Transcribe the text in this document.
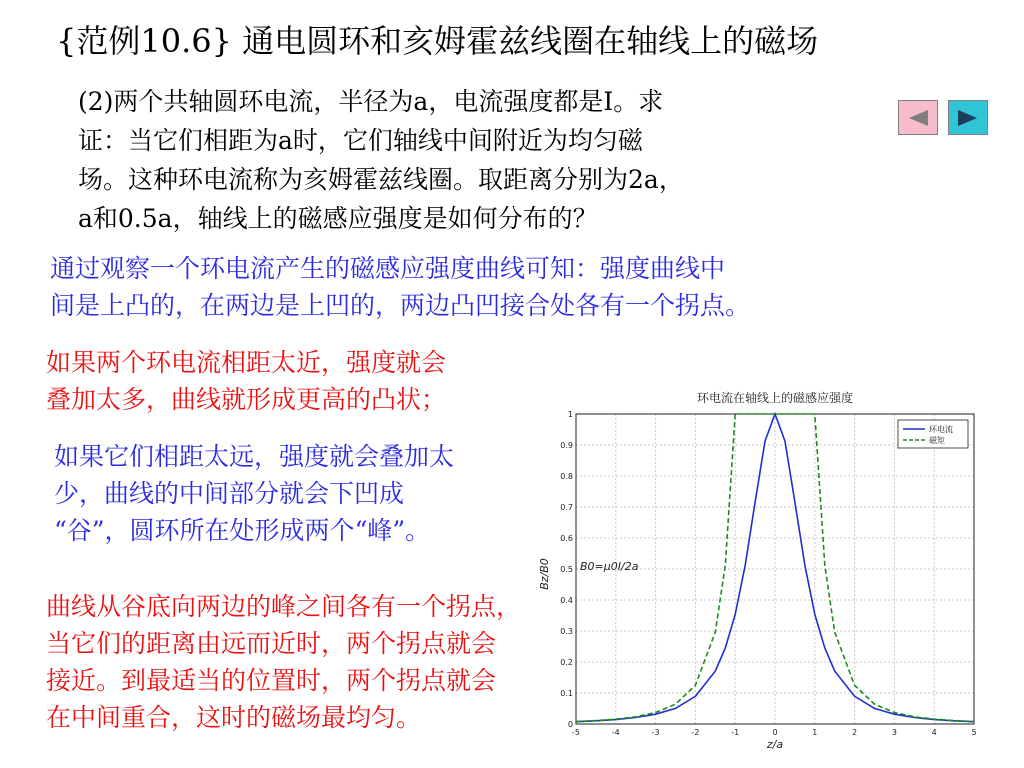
{范例10.6} 通电圆环和亥姆霍兹线圈在轴线上的磁场

(2)两个共轴圆环电流，半径为a，电流强度都是I。求

证：当它们相距为a时，它们轴线中间附近为均匀磁

场。这种环电流称为亥姆霍兹线圈。取距离分别为2a，

a和0.5a，轴线上的磁感应强度是如何分布的？

通过观察一个环电流产生的磁感应强度曲线可知：强度曲线中

间是上凸的，在两边是上凹的，两边凸凹接合处各有一个拐点。

如果两个环电流相距太近，强度就会

叠加太多，曲线就形成更高的凸状；

如果它们相距太远，强度就会叠加太

少，曲线的中间部分就会下凹成

“谷”，圆环所在处形成两个“峰”。

曲线从谷底向两边的峰之间各有一个拐点，

当它们的距离由远而近时，两个拐点就会

接近。到最适当的位置时，两个拐点就会

在中间重合，这时的磁场最均匀。

环电流在轴线上的磁感应强度
-5	-4	-3	-2	-1	0	1	2	3	4	5
0
0.1
0.2
0.3
0.4
0.5
0.6
0.7
0.8
0.9
1
z/a
Bz/B0	B0=μ0I/2a
环电流
磁矩
